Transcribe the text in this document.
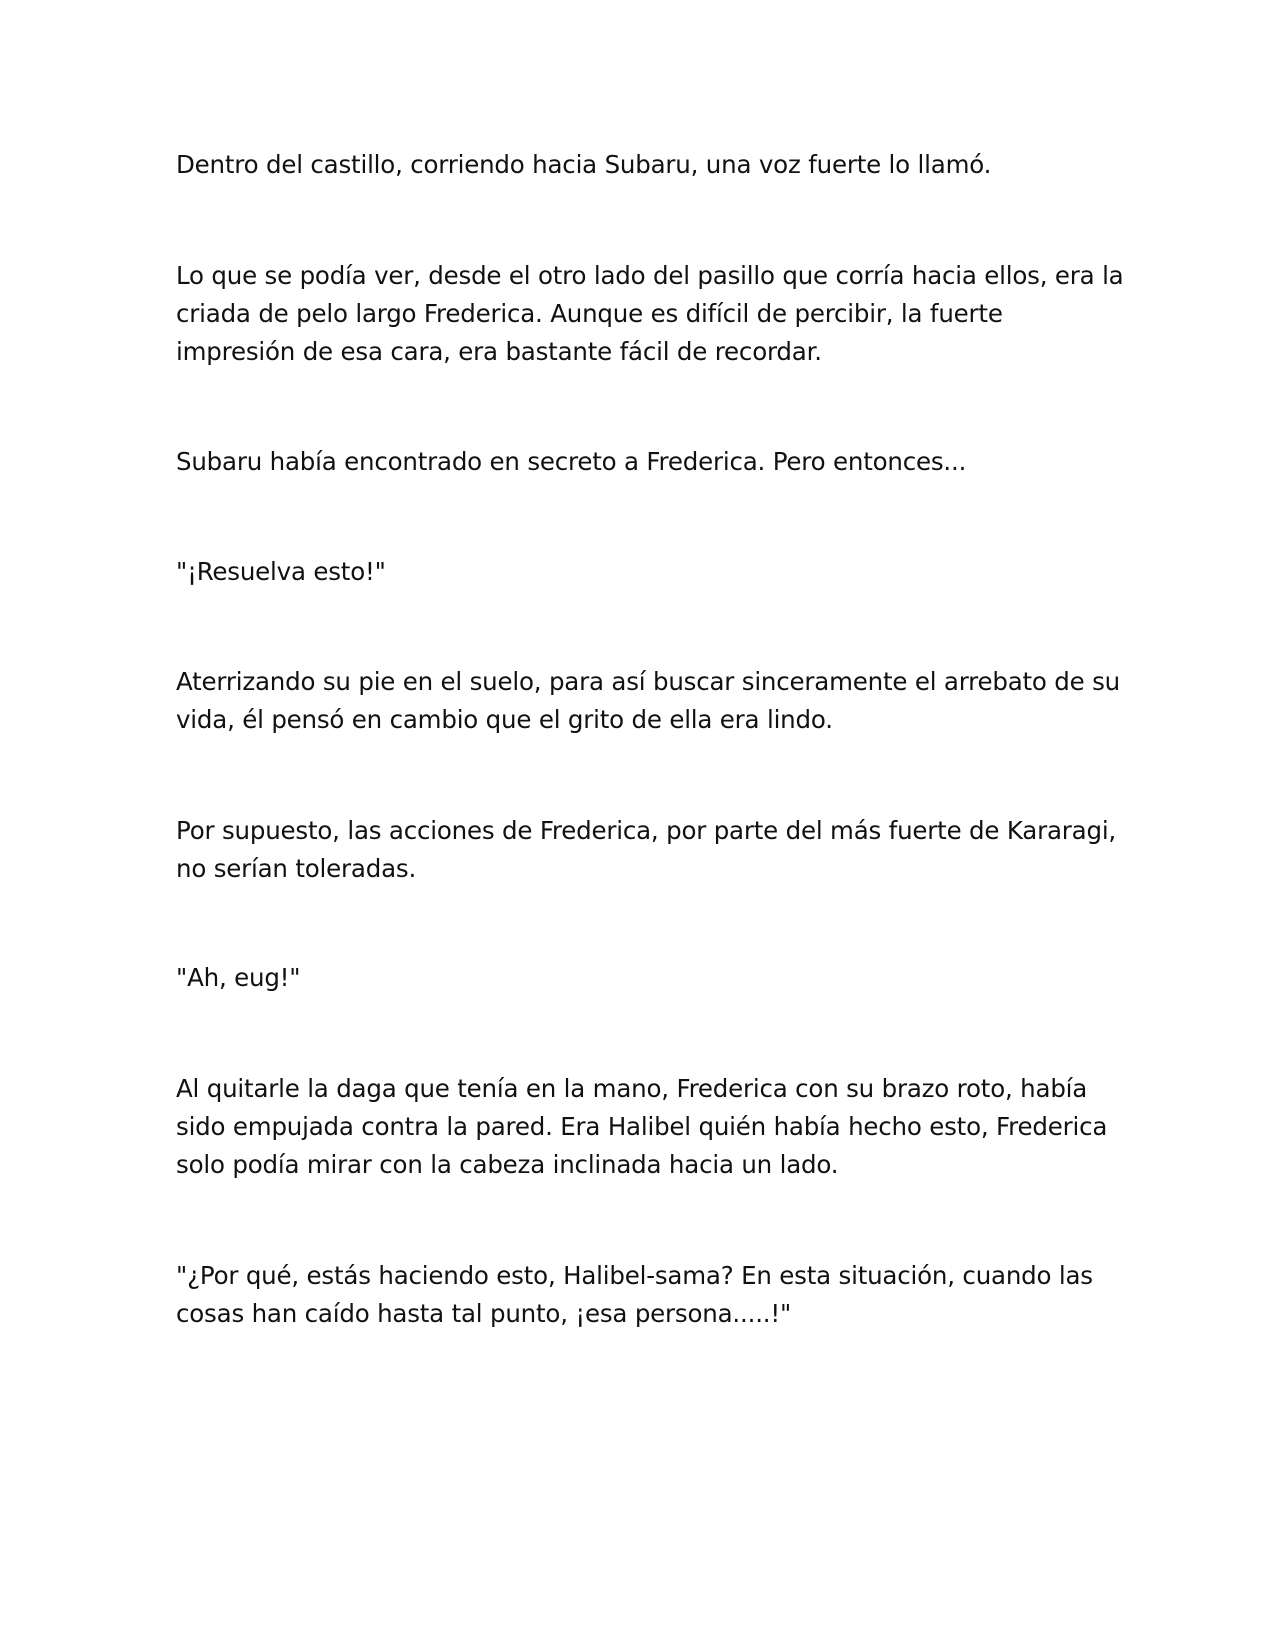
Dentro del castillo, corriendo hacia Subaru, una voz fuerte lo llamó.

Lo que se podía ver, desde el otro lado del pasillo que corría hacia ellos, era la
criada de pelo largo Frederica. Aunque es difícil de percibir, la fuerte
impresión de esa cara, era bastante fácil de recordar.

Subaru había encontrado en secreto a Frederica. Pero entonces...

"¡Resuelva esto!"

Aterrizando su pie en el suelo, para así buscar sinceramente el arrebato de su
vida, él pensó en cambio que el grito de ella era lindo.

Por supuesto, las acciones de Frederica, por parte del más fuerte de Kararagi,
no serían toleradas.

"Ah, eug!"

Al quitarle la daga que tenía en la mano, Frederica con su brazo roto, había
sido empujada contra la pared. Era Halibel quién había hecho esto, Frederica
solo podía mirar con la cabeza inclinada hacia un lado.

"¿Por qué, estás haciendo esto, Halibel-sama? En esta situación, cuando las
cosas han caído hasta tal punto, ¡esa persona.....!"
